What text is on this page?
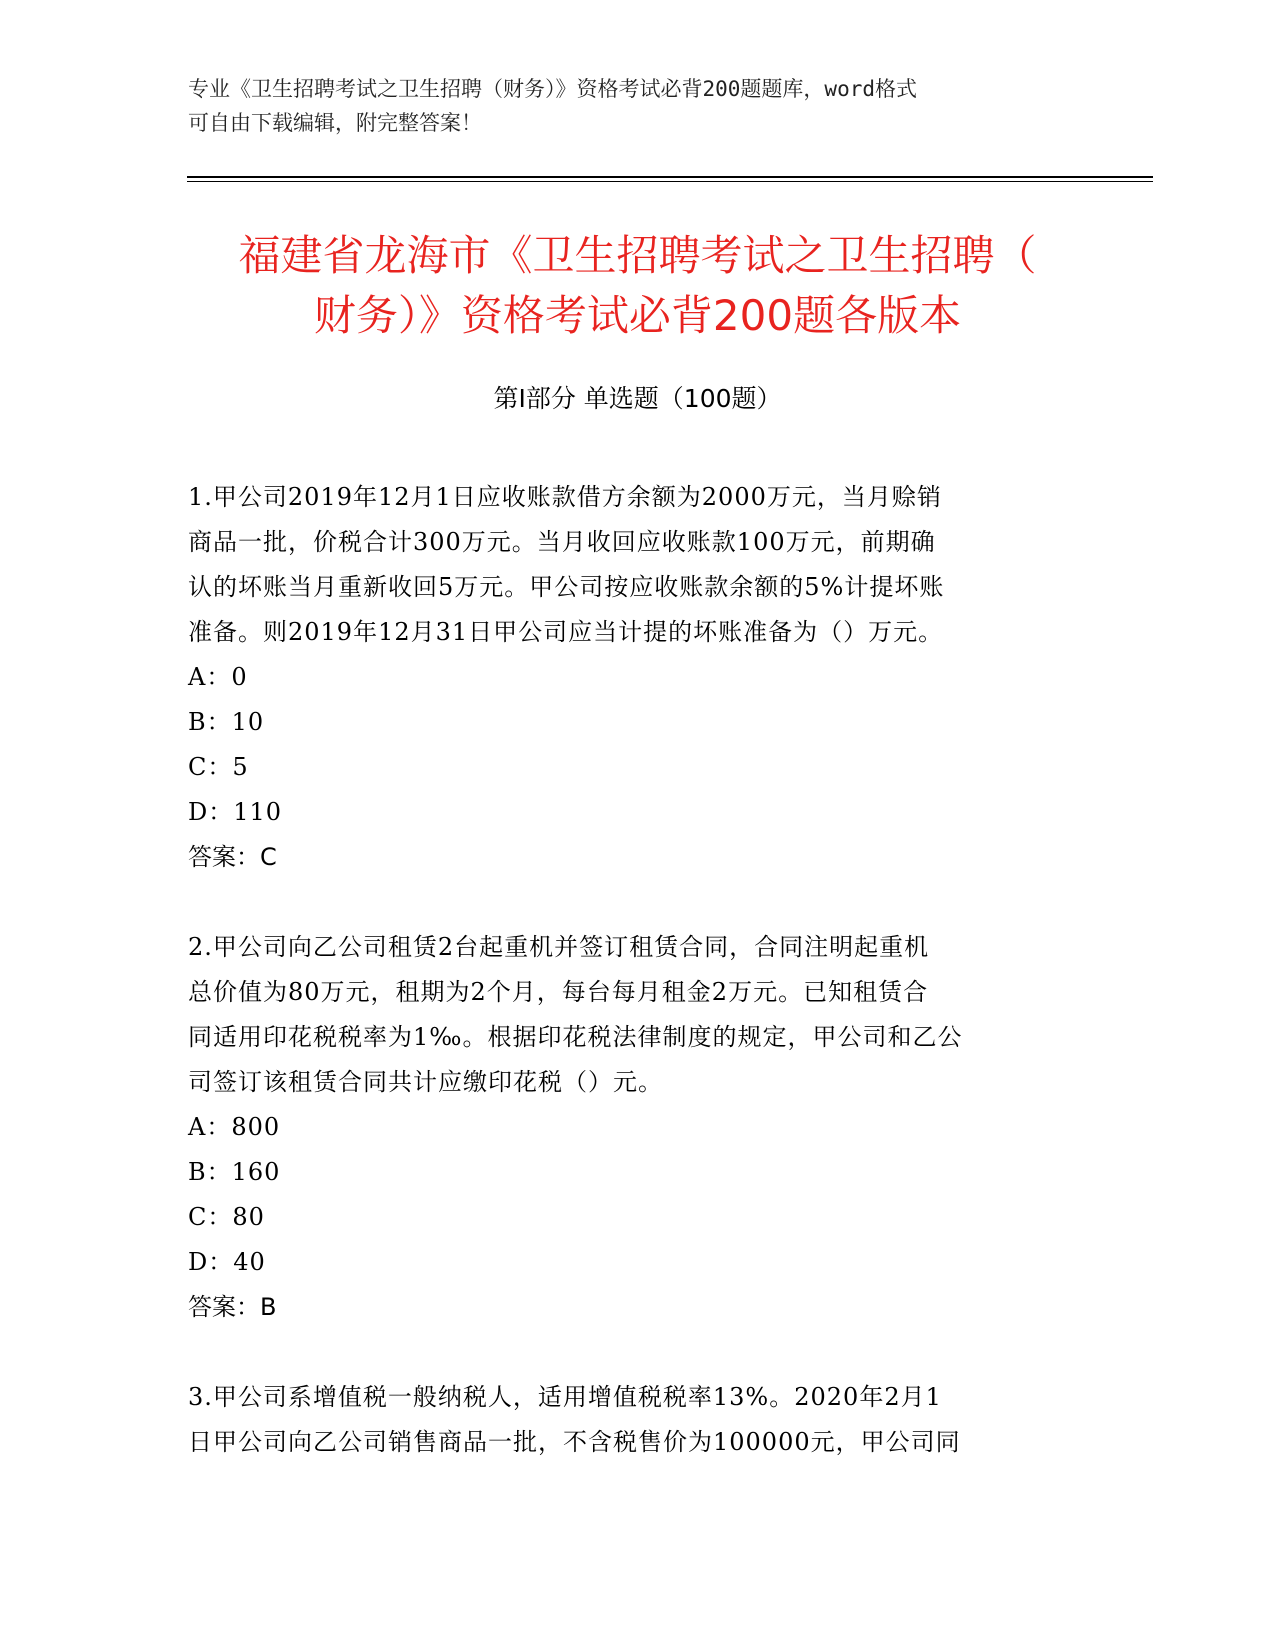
专业《卫生招聘考试之卫生招聘（财务）》资格考试必背200题题库，word格式
可自由下载编辑，附完整答案！
福建省龙海市《卫生招聘考试之卫生招聘（
财务）》资格考试必背200题各版本
第Ⅰ部分 单选题（100题）

1.甲公司2019年12月1日应收账款借方余额为2000万元，当月赊销

商品一批，价税合计300万元。当月收回应收账款100万元，前期确

认的坏账当月重新收回5万元。甲公司按应收账款余额的5%计提坏账

准备。则2019年12月31日甲公司应当计提的坏账准备为（）万元。

A：0

B：10

C：5

D：110

答案：C

2.甲公司向乙公司租赁2台起重机并签订租赁合同，合同注明起重机

总价值为80万元，租期为2个月，每台每月租金2万元。已知租赁合

同适用印花税税率为1‰。根据印花税法律制度的规定，甲公司和乙公

司签订该租赁合同共计应缴印花税（）元。

A：800

B：160

C：80

D：40

答案：B

3.甲公司系增值税一般纳税人，适用增值税税率13%。2020年2月1

日甲公司向乙公司销售商品一批，不含税售价为100000元，甲公司同
